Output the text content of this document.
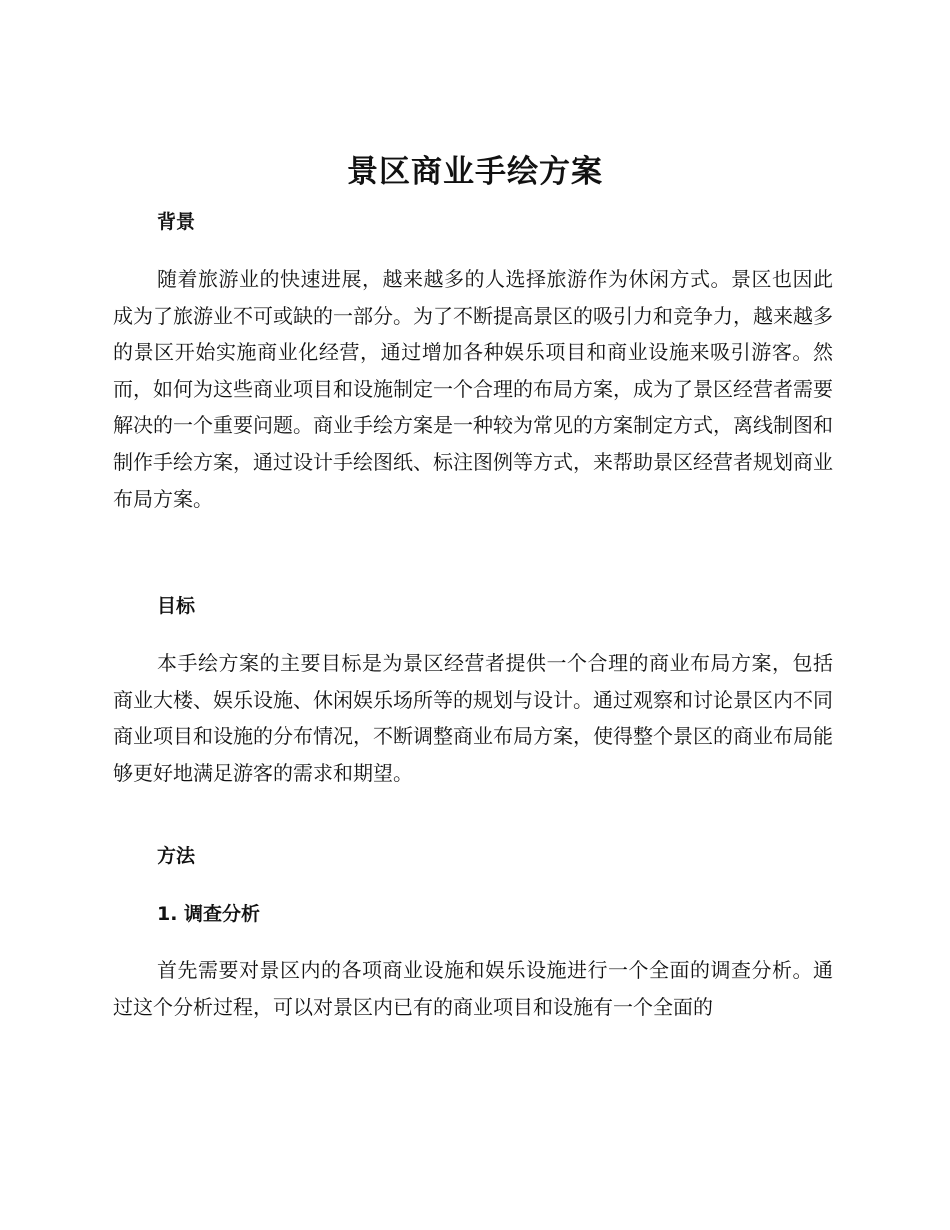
景区商业手绘方案
背景

随着旅游业的快速进展，越来越多的人选择旅游作为休闲方式。景区也因此成为了旅游业不可或缺的一部分。为了不断提高景区的吸引力和竞争力，越来越多的景区开始实施商业化经营，通过增加各种娱乐项目和商业设施来吸引游客。然而，如何为这些商业项目和设施制定一个合理的布局方案，成为了景区经营者需要解决的一个重要问题。商业手绘方案是一种较为常见的方案制定方式，离线制图和制作手绘方案，通过设计手绘图纸、标注图例等方式，来帮助景区经营者规划商业布局方案。

目标

本手绘方案的主要目标是为景区经营者提供一个合理的商业布局方案，包括商业大楼、娱乐设施、休闲娱乐场所等的规划与设计。通过观察和讨论景区内不同商业项目和设施的分布情况，不断调整商业布局方案，使得整个景区的商业布局能够更好地满足游客的需求和期望。

方法
1. 调查分析

首先需要对景区内的各项商业设施和娱乐设施进行一个全面的调查分析。通过这个分析过程，可以对景区内已有的商业项目和设施有一个全面的
